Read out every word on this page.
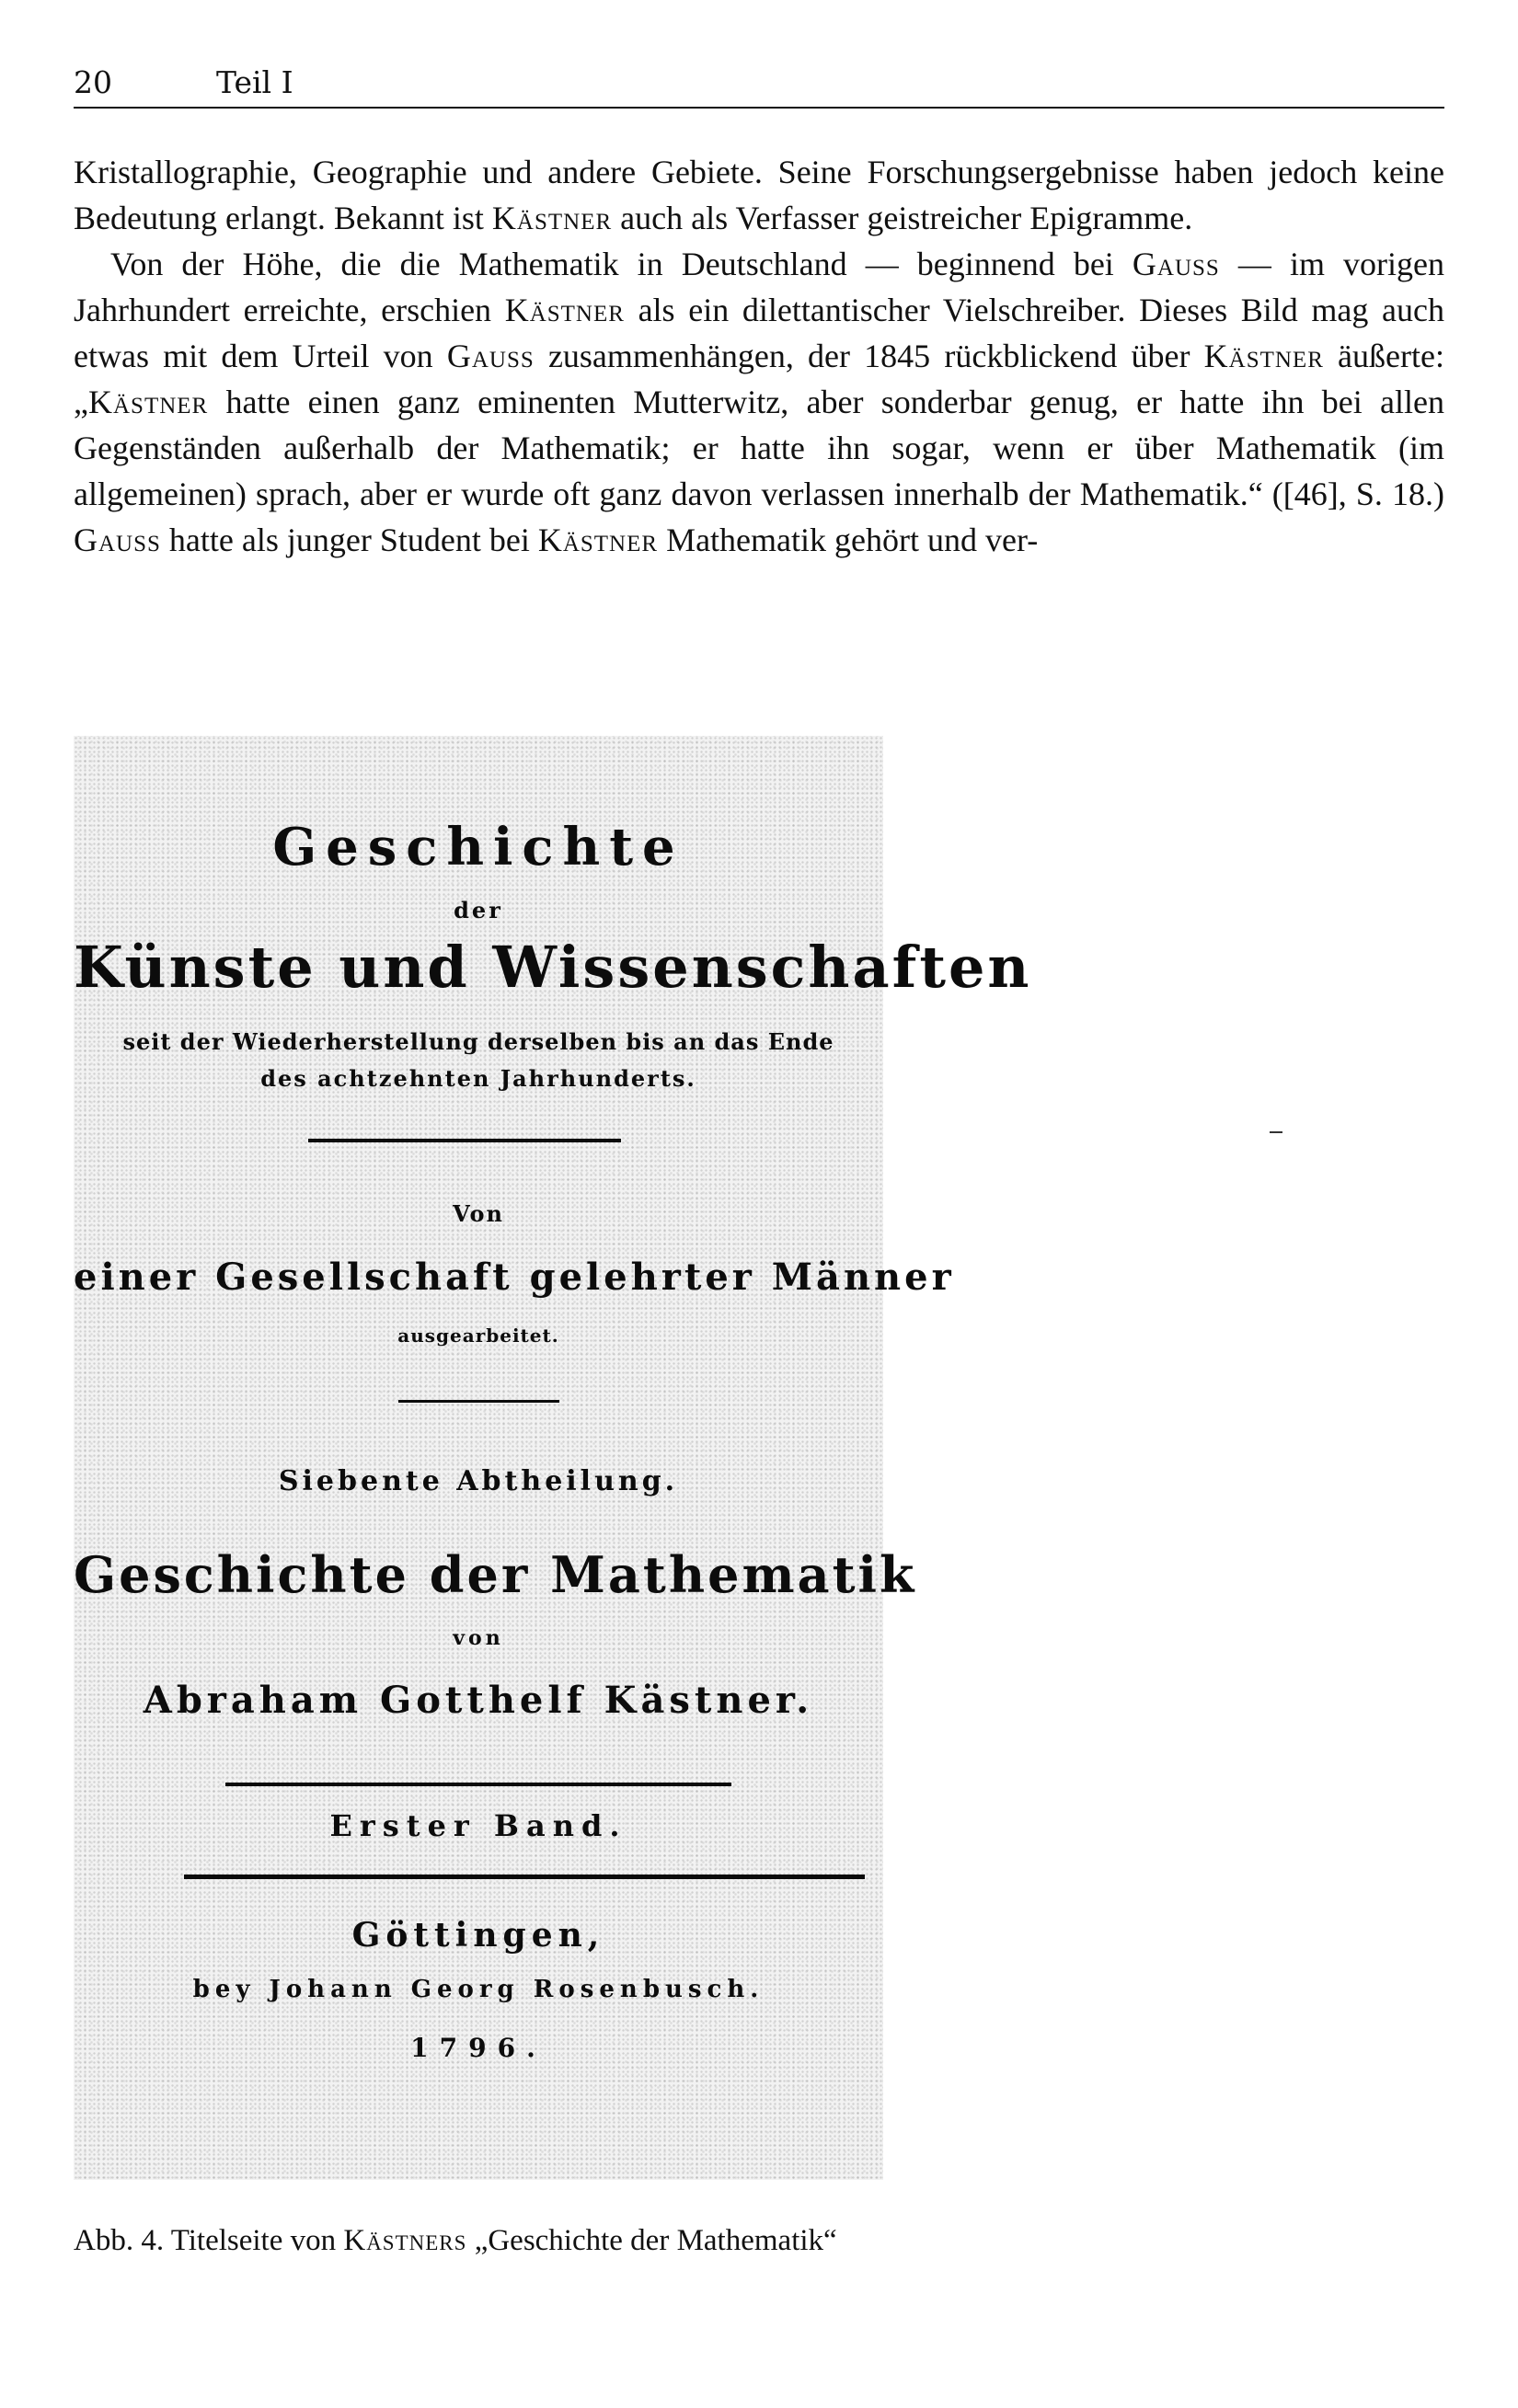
20	Teil I

Kristallographie, Geographie und andere Gebiete. Seine Forschungsergebnisse haben jedoch keine Bedeutung erlangt. Bekannt ist Kästner auch als Verfasser geistreicher Epigramme.

Von der Höhe, die die Mathematik in Deutschland — beginnend bei Gauss — im vorigen Jahrhundert erreichte, erschien Kästner als ein dilettantischer Vielschreiber. Dieses Bild mag auch etwas mit dem Urteil von Gauss zusammenhängen, der 1845 rückblickend über Kästner äußerte: „Kästner hatte einen ganz eminenten Mutterwitz, aber sonderbar genug, er hatte ihn bei allen Gegenständen außerhalb der Mathematik; er hatte ihn sogar, wenn er über Mathematik (im allgemeinen) sprach, aber er wurde oft ganz davon verlassen innerhalb der Mathematik.“ ([46], S. 18.) Gauss hatte als junger Student bei Kästner Mathematik gehört und ver-

Geschichte
der
Künste und Wissenschaften
seit der Wiederherstellung derselben bis an das Ende
des achtzehnten Jahrhunderts.
Von
einer Gesellschaft gelehrter Männer
ausgearbeitet.
Siebente Abtheilung.
Geschichte der Mathematik
von
Abraham Gotthelf Kästner.
Erster Band.
Göttingen,
bey Johann Georg Rosenbusch.
1796.
Abb. 4. Titelseite von Kästners „Geschichte der Mathematik“
